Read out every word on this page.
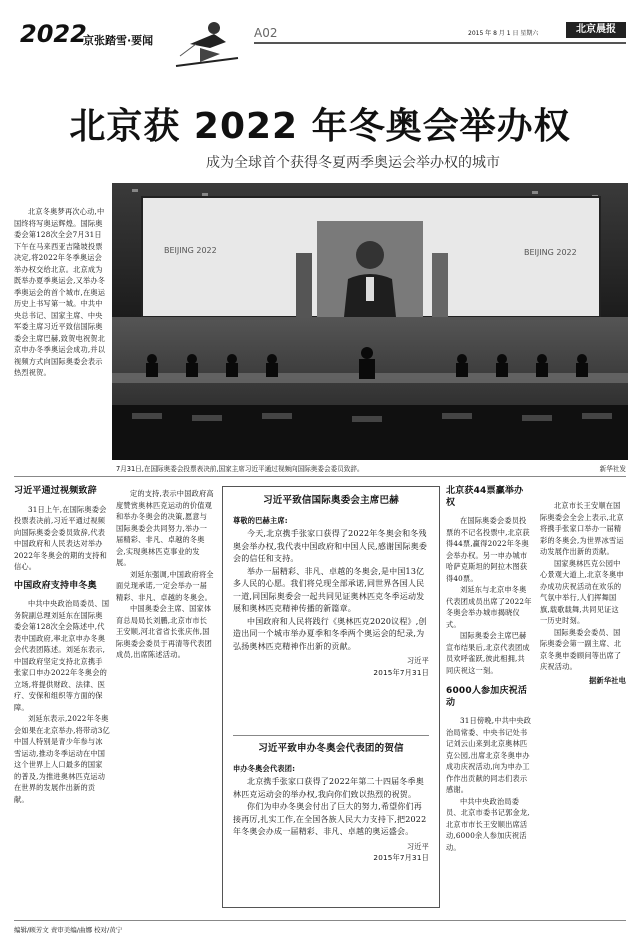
2022
京张踏雪·要闻
A02	2015 年 8 月 1 日 星期六	北京晨报
北京获 2022 年冬奥会举办权
成为全球首个获得冬夏两季奥运会举办权的城市

北京冬奥梦再次心动,中国终将写奥运辉煌。国际奥委会第128次全会7月31日下午在马来西亚吉隆坡投票决定,将2022年冬季奥运会举办权交给北京。北京成为既举办夏季奥运会,又举办冬季奥运会的首个城市,在奥运历史上书写第一城。中共中央总书记、国家主席、中央军委主席习近平致信国际奥委会主席巴赫,致贺电祝贺北京申办冬季奥运会成功,并以视频方式向国际奥委会表示热烈祝贺。

BEIJING 2022	BEIJING 2022
7月31日,在国际奥委会投票表决前,国家主席习近平通过视频向国际奥委会委员致辞。	新华社发
习近平通过视频致辞

31日上午,在国际奥委会投票表决前,习近平通过视频向国际奥委会委员致辞,代表中国政府和人民表达对举办2022年冬奥会的期的支持和信心。

中国政府支持申冬奥

中共中央政治局委员、国务院副总理刘延东在国际奥委会第128次全会陈述中,代表中国政府,率北京申办冬奥会代表团陈述。刘延东表示,中国政府坚定支持北京携手张家口申办2022年冬奥会的立场,将提供财政、法律、医疗、安保和组织等方面的保障。

刘延东表示,2022年冬奥会如果在北京举办,将带动3亿中国人特别是青少年参与冰雪运动,推动冬季运动在中国这个世界上人口最多的国家的普及,为推进奥林匹克运动在世界的发展作出新的贡献。

定的支持,表示中国政府高度赞赏奥林匹克运动的价值观和举办冬奥会的决策,愿意与国际奥委会共同努力,举办一届精彩、非凡、卓越的冬奥会,实现奥林匹克事业的发展。

刘延东强调,中国政府将全面兑现承诺,一定会举办一届精彩、非凡、卓越的冬奥会。

中国奥委会主席、国家体育总局局长刘鹏,北京市市长王安顺,河北省省长张庆伟,国际奥委会委员于再清等代表团成员,出席陈述活动。

习近平致信国际奥委会主席巴赫
尊敬的巴赫主席:

今天,北京携手张家口获得了2022年冬奥会和冬残奥会举办权,我代表中国政府和中国人民,感谢国际奥委会的信任和支持。

举办一届精彩、非凡、卓越的冬奥会,是中国13亿多人民的心愿。我们将兑现全部承诺,同世界各国人民一道,同国际奥委会一起共同见证奥林匹克冬季运动发展和奥林匹克精神传播的新篇章。

中国政府和人民将践行《奥林匹克2020议程》,创造出同一个城市举办夏季和冬季两个奥运会的纪录,为弘扬奥林匹克精神作出新的贡献。

习近平
2015年7月31日
习近平致申办冬奥会代表团的贺信
申办冬奥会代表团:

北京携手张家口获得了2022年第二十四届冬季奥林匹克运动会的举办权,我向你们致以热烈的祝贺。

你们为申办冬奥会付出了巨大的努力,希望你们再接再厉,扎实工作,在全国各族人民大力支持下,把2022年冬奥会办成一届精彩、非凡、卓越的奥运盛会。

习近平
2015年7月31日
北京获44票赢举办权

在国际奥委会委员投票的不记名投票中,北京获得44票,赢得2022年冬奥会举办权。另一申办城市哈萨克斯坦的阿拉木图获得40票。

刘延东与北京申冬奥代表团成员出席了2022年冬奥会举办城市揭晓仪式。

国际奥委会主席巴赫宣布结果后,北京代表团成员欢呼雀跃,彼此相拥,共同庆祝这一刻。

6000人参加庆祝活动

31日傍晚,中共中央政治局常委、中央书记处书记刘云山来到北京奥林匹克公园,出席北京冬奥申办成功庆祝活动,向为申办工作作出贡献的同志们表示感谢。

中共中央政治局委员、北京市委书记郭金龙,北京市市长王安顺出席活动,6000余人参加庆祝活动。

北京市长王安顺在国际奥委会全会上表示,北京将携手张家口举办一届精彩的冬奥会,为世界冰雪运动发展作出新的贡献。

国家奥林匹克公园中心景观大道上,北京冬奥申办成功庆祝活动在欢乐的气氛中举行,人们挥舞国旗,载歌载舞,共同见证这一历史时刻。

国际奥委会委员、国际奥委会第一副主席、北京冬奥申委顾问等出席了庆祝活动。

据新华社电
编辑/顾芳文 责审美编/曲娜 校对/黄宁
